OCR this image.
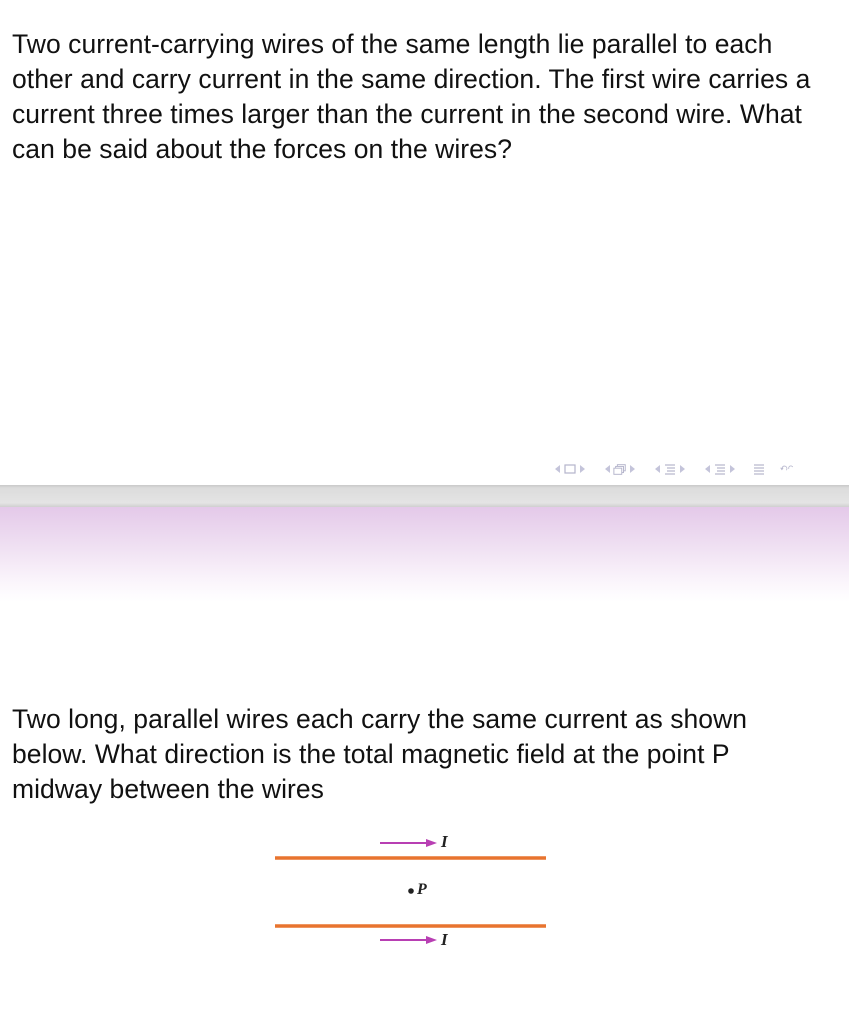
Two current-carrying wires of the same length lie parallel to each other and carry current in the same direction. The first wire carries a current three times larger than the current in the second wire. What can be said about the forces on the wires?

Two long, parallel wires each carry the same current as shown below. What direction is the total magnetic field at the point P midway between the wires

I
P
I
